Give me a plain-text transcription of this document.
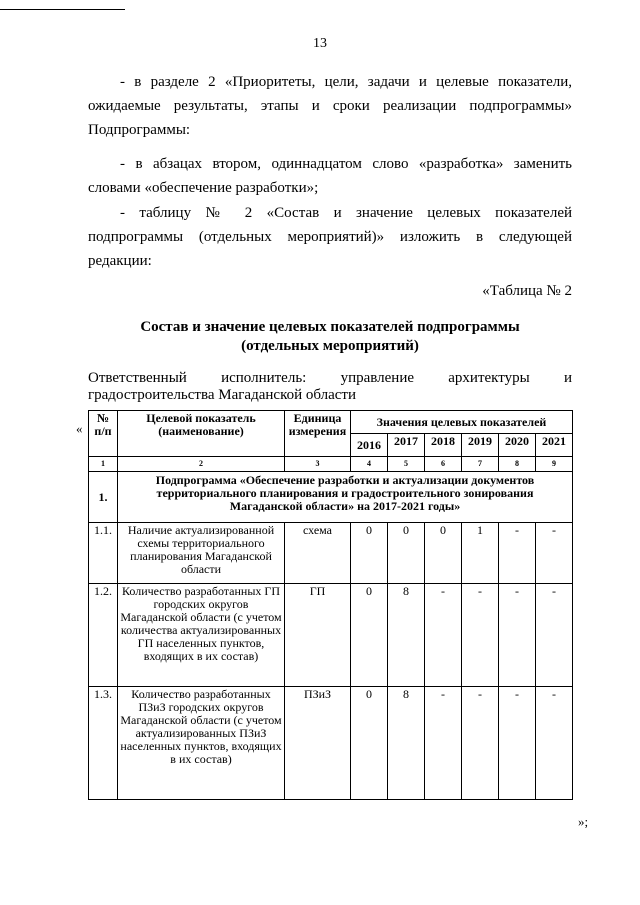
13
- в разделе 2 «Приоритеты, цели, задачи и целевые показатели, ожидаемые результаты, этапы и сроки реализации подпрограммы» Подпрограммы:
- в абзацах втором, одиннадцатом слово «разработка» заменить словами «обеспечение разработки»;
- таблицу № 2 «Состав и значение целевых показателей подпрограммы (отдельных мероприятий)» изложить в следующей редакции:
«Таблица № 2
Состав и значение целевых показателей подпрограммы
(отдельных мероприятий)
Ответственный исполнитель: управление архитектуры и
градостроительства Магаданской области
«
№ п/п	Целевой показатель (наименование)	Единица измерения	Значения целевых показателей					
			2016	2017	2018	2019	2020	2021
1	2	3	4	5	6	7	8	9
1.	Подпрограмма «Обеспечение разработки и актуализации документов территориального планирования и градостроительного зонирования Магаданской области» на 2017-2021 годы»							
1.1.	Наличие актуализированной схемы территориального планирования Магаданской области	схема	0	0	0	1	-	-
1.2.	Количество разработанных ГП городских округов Магаданской области (с учетом количества актуализированных ГП населенных пунктов, входящих в их состав)	ГП	0	8	-	-	-	-
1.3.	Количество разработанных ПЗиЗ городских округов Магаданской области (с учетом актуализированных ПЗиЗ населенных пунктов, входящих в их состав)	ПЗиЗ	0	8	-	-	-	-
»;
